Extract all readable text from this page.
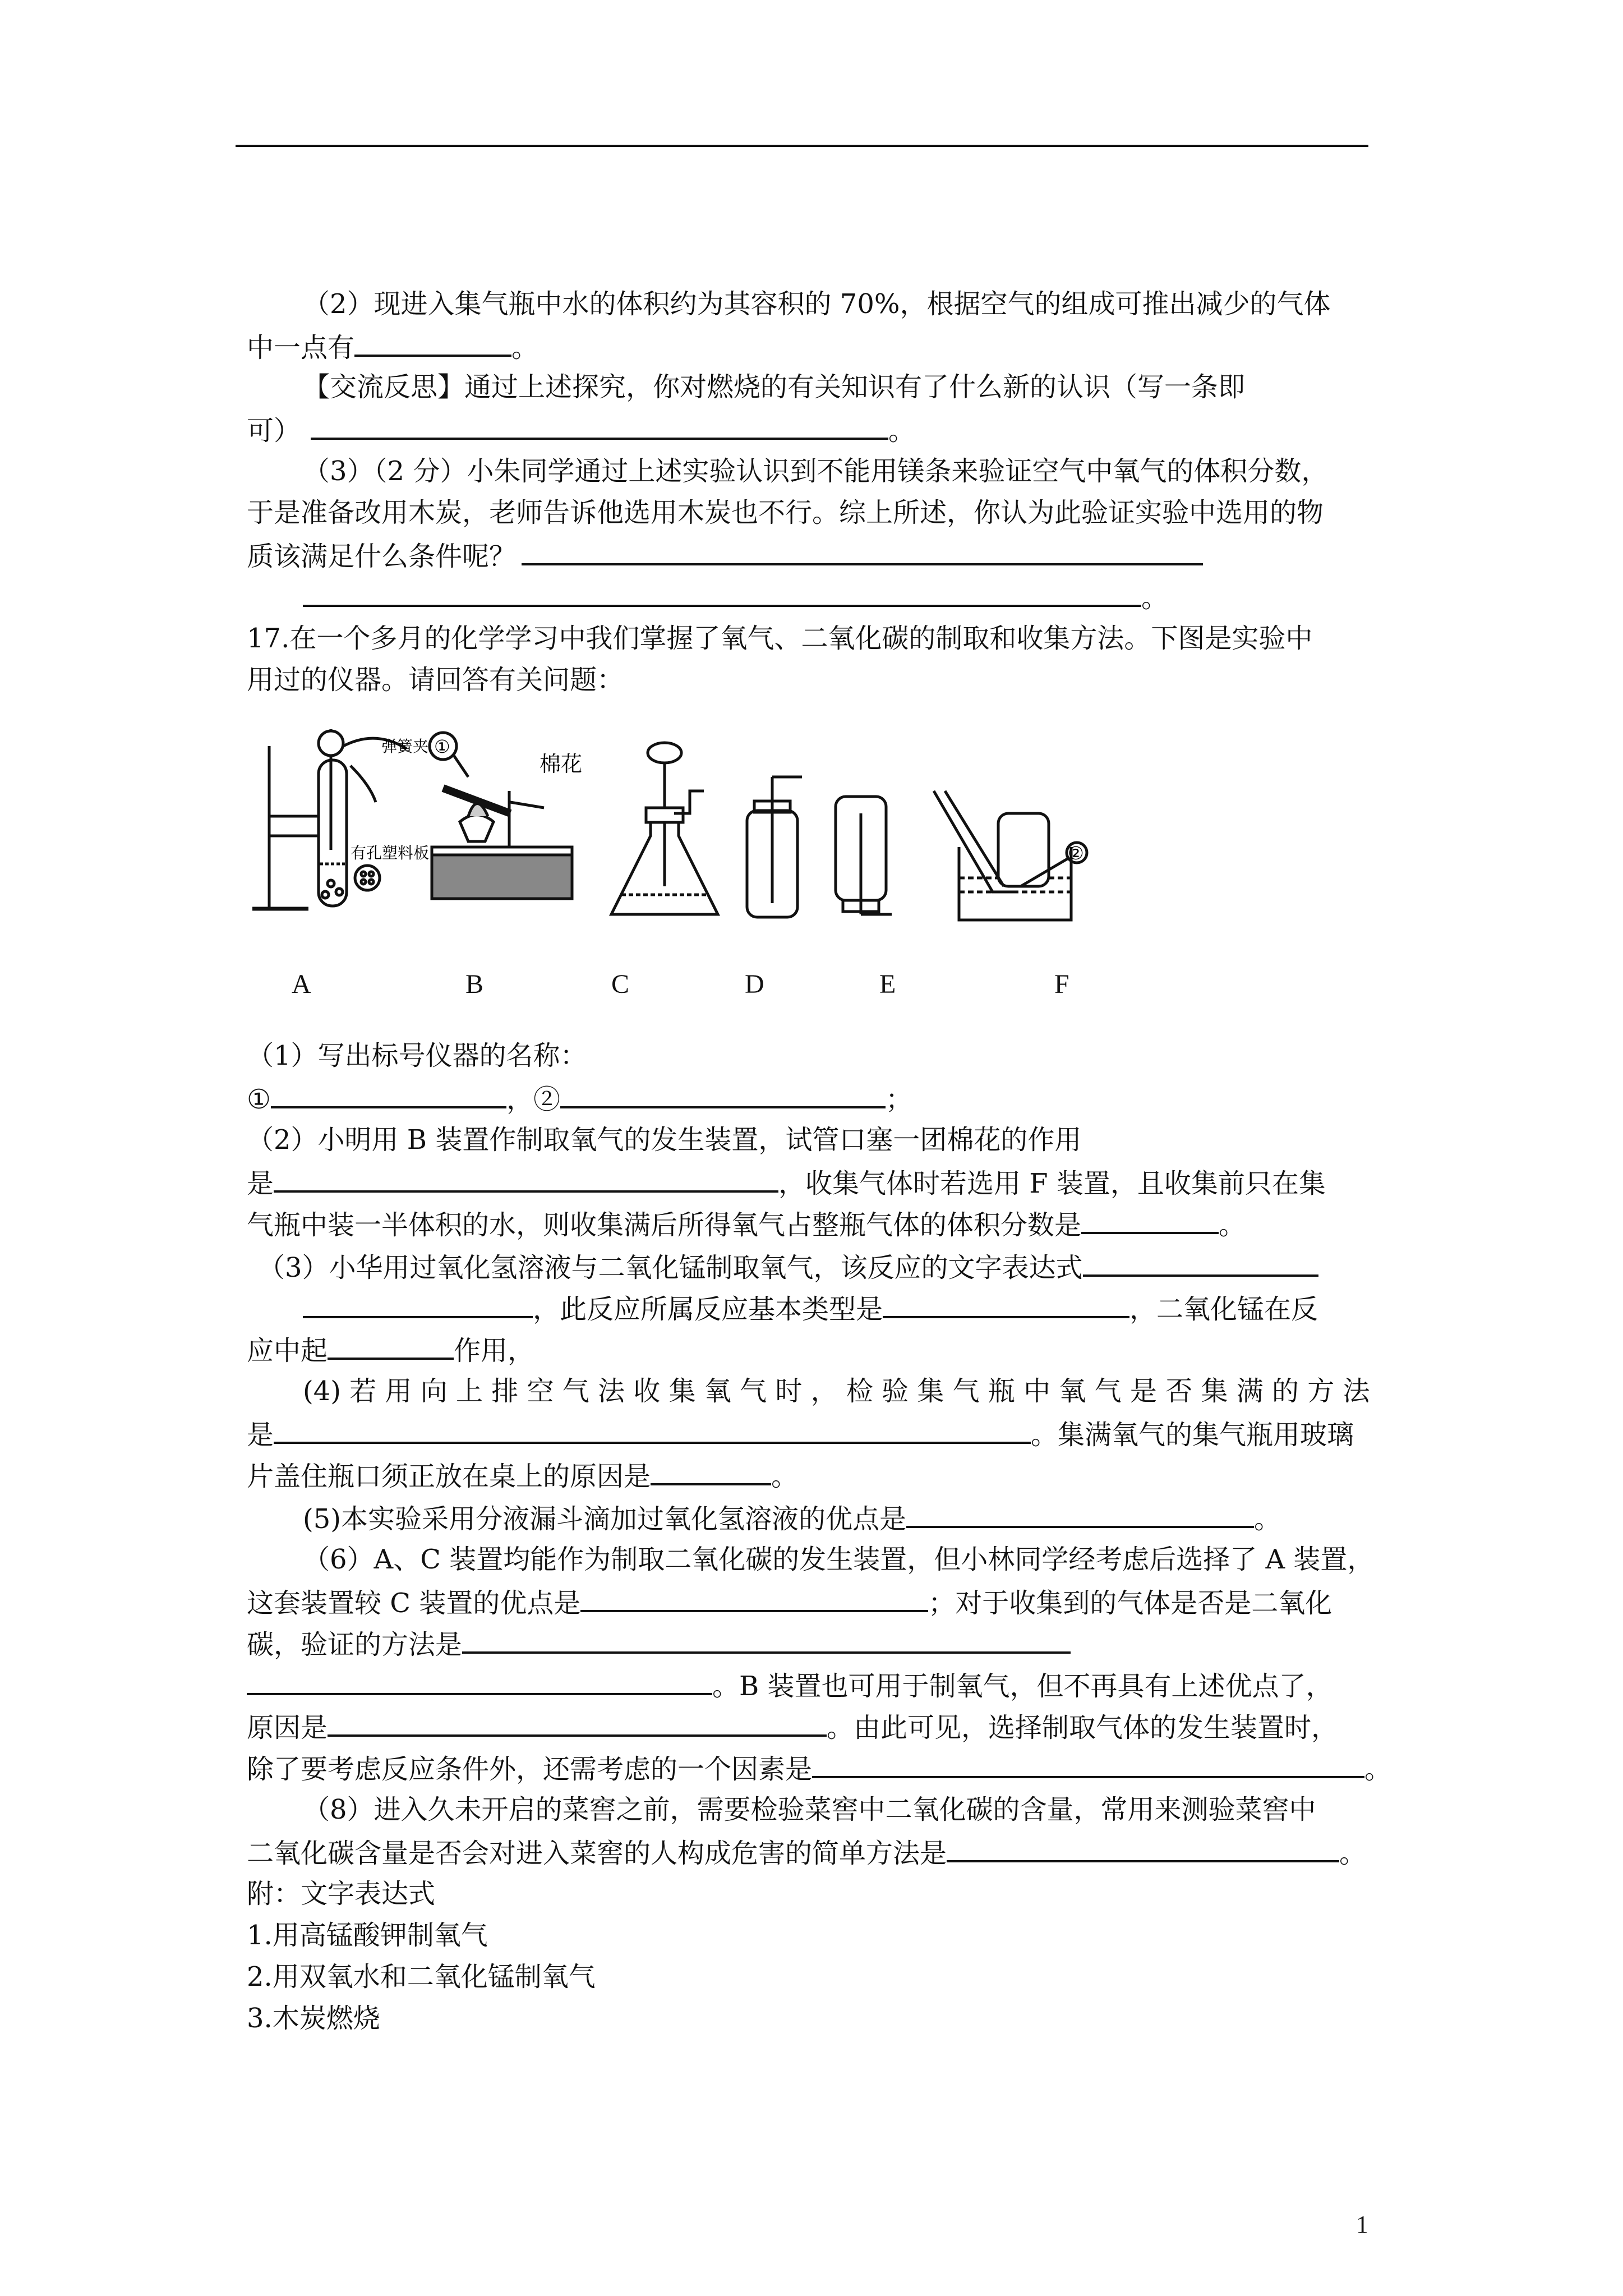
（2）现进入集气瓶中水的体积约为其容积的 70%，根据空气的组成可推出减少的气体
中一点有	。
【交流反思】通过上述探究，你对燃烧的有关知识有了什么新的认识（写一条即
可）	。
（3）（2 分）小朱同学通过上述实验认识到不能用镁条来验证空气中氧气的体积分数，
于是准备改用木炭，老师告诉他选用木炭也不行。综上所述，你认为此验证实验中选用的物
质该满足什么条件呢？
。
17.在一个多月的化学学习中我们掌握了氧气、二氧化碳的制取和收集方法。下图是实验中
用过的仪器。请回答有关问题：
弹簧夹
有孔塑料板
①
棉花
②
A	B	C	D	E	F
（1）写出标号仪器的名称：
①	，②	；
（2）小明用 B 装置作制取氧气的发生装置，试管口塞一团棉花的作用
是	，收集气体时若选用 F 装置，且收集前只在集
气瓶中装一半体积的水，则收集满后所得氧气占整瓶气体的体积分数是	。
（3）小华用过氧化氢溶液与二氧化锰制取氧气，该反应的文字表达式
，此反应所属反应基本类型是	，二氧化锰在反
应中起	作用，
(4) 若 用 向 上 排 空 气 法 收 集 氧 气 时 ， 检 验 集 气 瓶 中 氧 气 是 否 集 满 的 方 法
是	。集满氧气的集气瓶用玻璃
片盖住瓶口须正放在桌上的原因是	。
(5)本实验采用分液漏斗滴加过氧化氢溶液的优点是	。
（6）A、C 装置均能作为制取二氧化碳的发生装置，但小林同学经考虑后选择了 A 装置，
这套装置较 C 装置的优点是	；对于收集到的气体是否是二氧化
碳，验证的方法是
。B 装置也可用于制氧气，但不再具有上述优点了，
原因是	。由此可见，选择制取气体的发生装置时，
除了要考虑反应条件外，还需考虑的一个因素是	。
（8）进入久未开启的菜窖之前，需要检验菜窖中二氧化碳的含量，常用来测验菜窖中
二氧化碳含量是否会对进入菜窖的人构成危害的简单方法是	。
附：文字表达式
1.用高锰酸钾制氧气
2.用双氧水和二氧化锰制氧气
3.木炭燃烧
1
